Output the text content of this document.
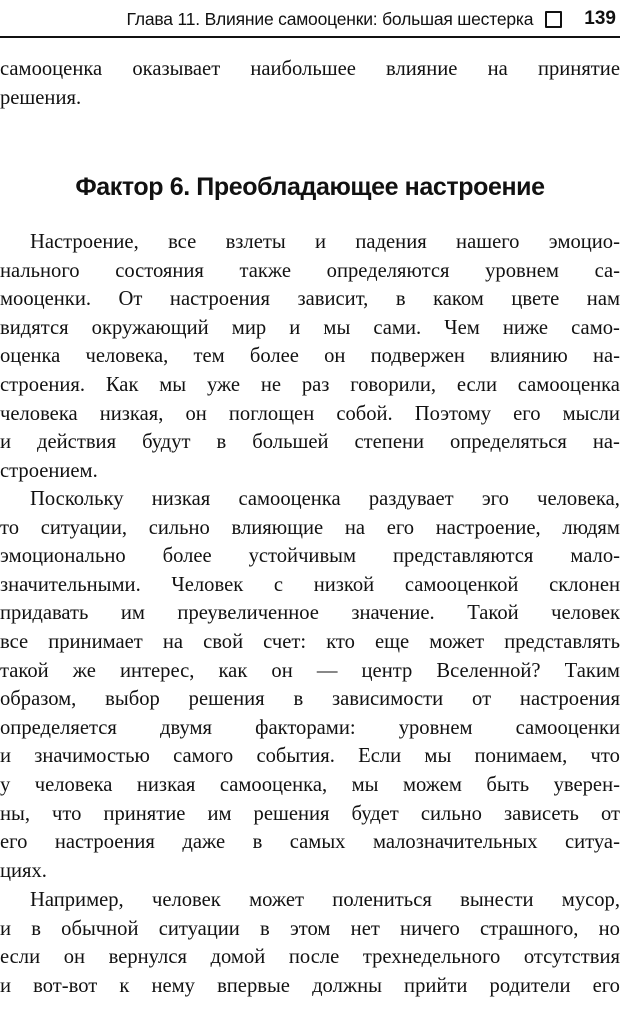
Глава 11. Влияние самооценки: большая шестерка	139
самооценка оказывает наибольшее влияние на принятие
решения.
Фактор 6. Преобладающее настроение
Настроение, все взлеты и падения нашего эмоцио-
нального состояния также определяются уровнем са-
мооценки. От настроения зависит, в каком цвете нам
видятся окружающий мир и мы сами. Чем ниже само-
оценка человека, тем более он подвержен влиянию на-
строения. Как мы уже не раз говорили, если самооценка
человека низкая, он поглощен собой. Поэтому его мысли
и действия будут в большей степени определяться на-
строением.
Поскольку низкая самооценка раздувает эго человека,
то ситуации, сильно влияющие на его настроение, людям
эмоционально более устойчивым представляются мало-
значительными. Человек с низкой самооценкой склонен
придавать им преувеличенное значение. Такой человек
все принимает на свой счет: кто еще может представлять
такой же интерес, как он — центр Вселенной? Таким
образом, выбор решения в зависимости от настроения
определяется двумя факторами: уровнем самооценки
и значимостью самого события. Если мы понимаем, что
у человека низкая самооценка, мы можем быть уверен-
ны, что принятие им решения будет сильно зависеть от
его настроения даже в самых малозначительных ситуа-
циях.
Например, человек может полениться вынести мусор,
и в обычной ситуации в этом нет ничего страшного, но
если он вернулся домой после трехнедельного отсутствия
и вот-вот к нему впервые должны прийти родители его
